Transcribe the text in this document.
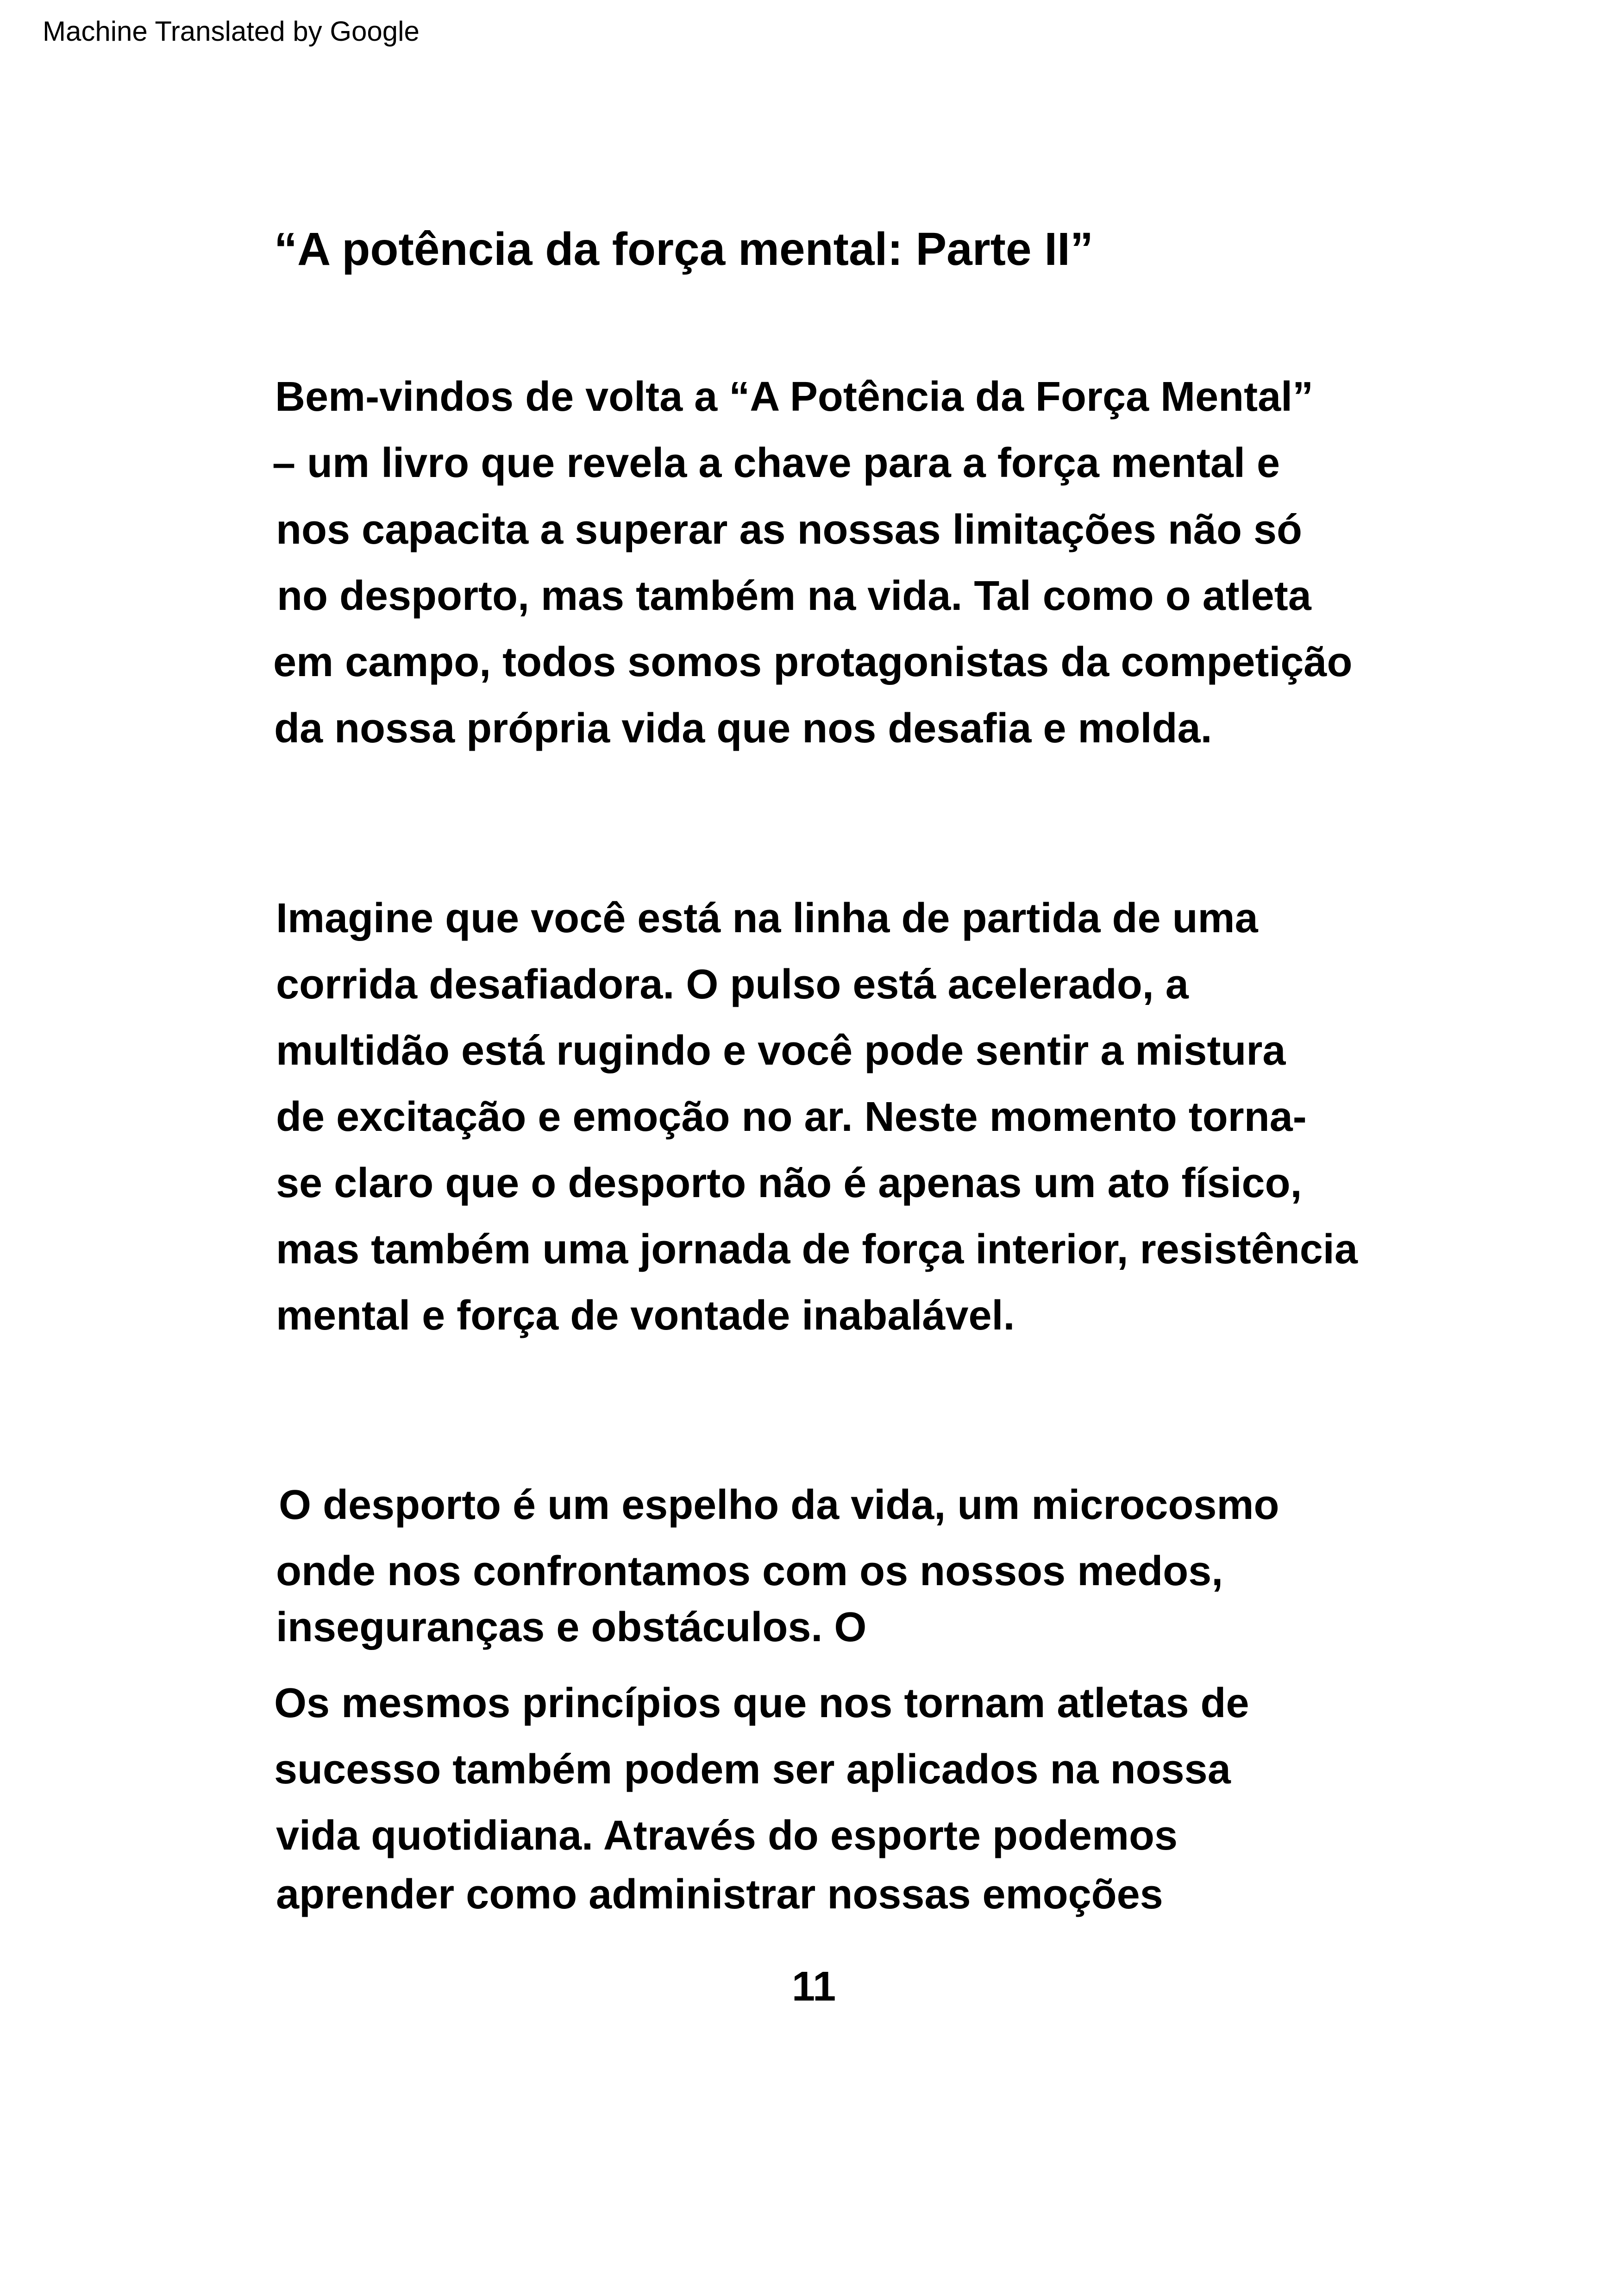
Machine Translated by Google
“A potência da força mental: Parte II”
Bem-vindos de volta a “A Potência da Força Mental”
– um livro que revela a chave para a força mental e
nos capacita a superar as nossas limitações não só
no desporto, mas também na vida. Tal como o atleta
em campo, todos somos protagonistas da competição
da nossa própria vida que nos desafia e molda.
Imagine que você está na linha de partida de uma
corrida desafiadora. O pulso está acelerado, a
multidão está rugindo e você pode sentir a mistura
de excitação e emoção no ar. Neste momento torna-
se claro que o desporto não é apenas um ato físico,
mas também uma jornada de força interior, resistência
mental e força de vontade inabalável.
O desporto é um espelho da vida, um microcosmo
onde nos confrontamos com os nossos medos,
inseguranças e obstáculos. O
Os mesmos princípios que nos tornam atletas de
sucesso também podem ser aplicados na nossa
vida quotidiana. Através do esporte podemos
aprender como administrar nossas emoções
11
